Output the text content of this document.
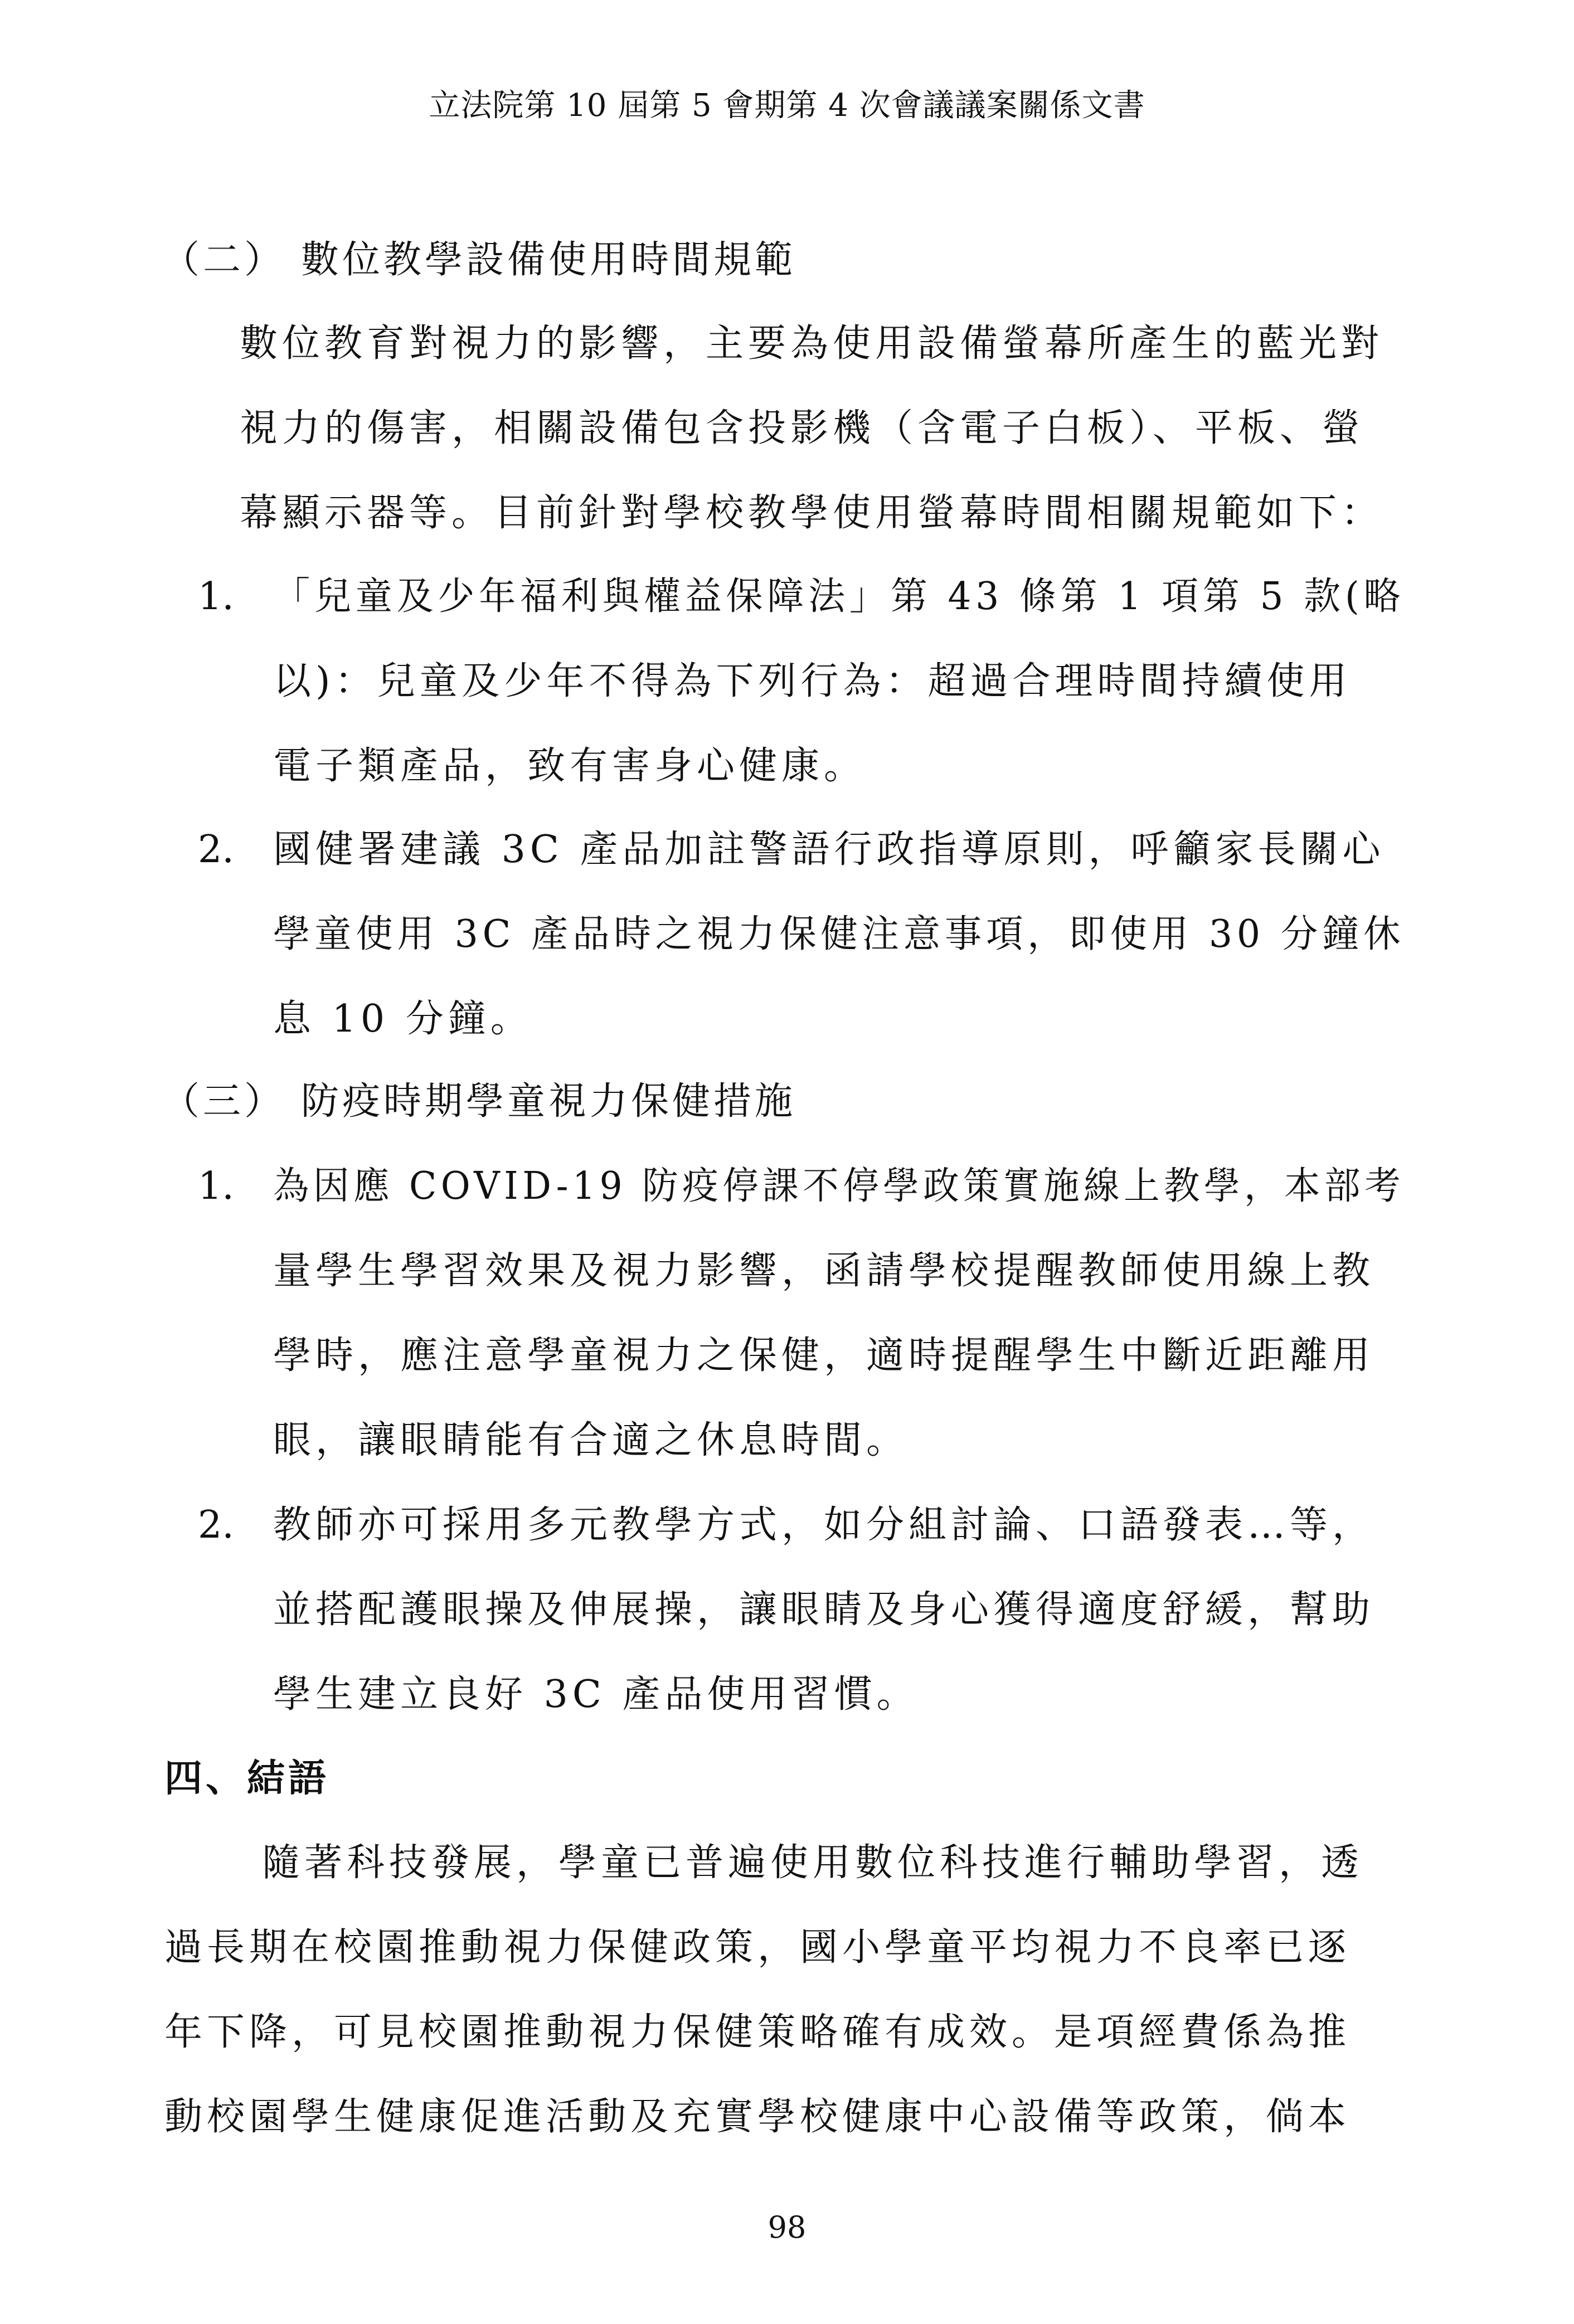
立法院第 10 屆第 5 會期第 4 次會議議案關係文書
（二） 數位教學設備使用時間規範
數位教育對視力的影響，主要為使用設備螢幕所產生的藍光對
視力的傷害，相關設備包含投影機（含電子白板）、平板、螢
幕顯示器等。目前針對學校教學使用螢幕時間相關規範如下：
1. 「兒童及少年福利與權益保障法」第 43 條第 1 項第 5 款(略
以)：兒童及少年不得為下列行為：超過合理時間持續使用
電子類產品，致有害身心健康。
2. 國健署建議 3C 產品加註警語行政指導原則，呼籲家長關心
學童使用 3C 產品時之視力保健注意事項，即使用 30 分鐘休
息 10 分鐘。
（三） 防疫時期學童視力保健措施
1. 為因應 COVID-19 防疫停課不停學政策實施線上教學，本部考
量學生學習效果及視力影響，函請學校提醒教師使用線上教
學時，應注意學童視力之保健，適時提醒學生中斷近距離用
眼，讓眼睛能有合適之休息時間。
2. 教師亦可採用多元教學方式，如分組討論、口語發表…等，
並搭配護眼操及伸展操，讓眼睛及身心獲得適度舒緩，幫助
學生建立良好 3C 產品使用習慣。
四、結語
隨著科技發展，學童已普遍使用數位科技進行輔助學習，透
過長期在校園推動視力保健政策，國小學童平均視力不良率已逐
年下降，可見校園推動視力保健策略確有成效。是項經費係為推
動校園學生健康促進活動及充實學校健康中心設備等政策，倘本
98
